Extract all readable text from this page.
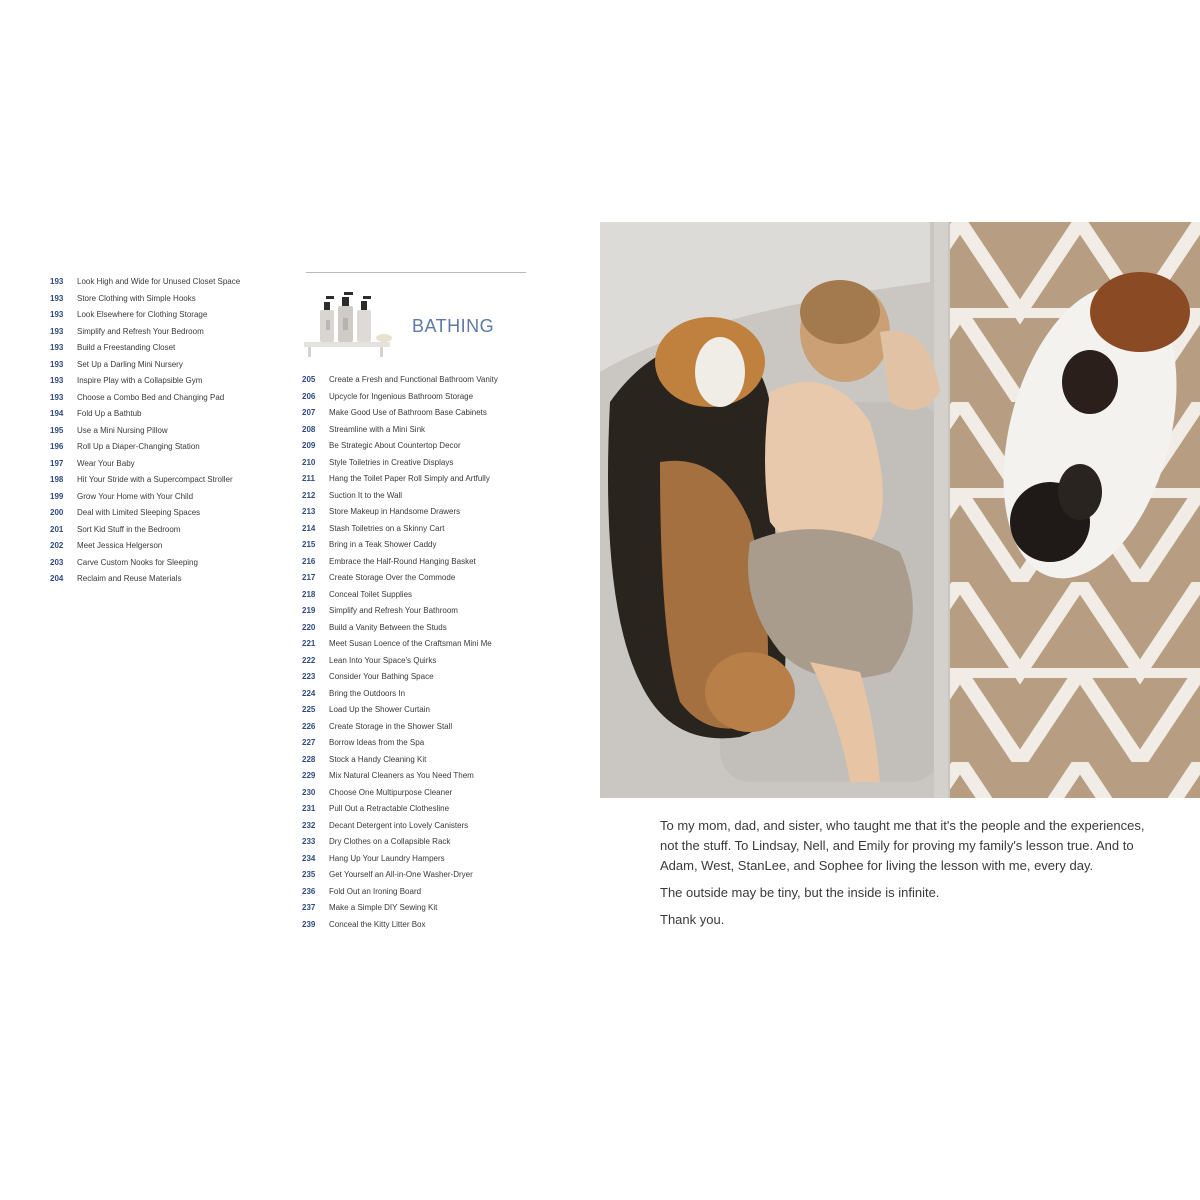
193	Look High and Wide for Unused Closet Space
193	Store Clothing with Simple Hooks
193	Look Elsewhere for Clothing Storage
193	Simplify and Refresh Your Bedroom
193	Build a Freestanding Closet
193	Set Up a Darling Mini Nursery
193	Inspire Play with a Collapsible Gym
193	Choose a Combo Bed and Changing Pad
194	Fold Up a Bathtub
195	Use a Mini Nursing Pillow
196	Roll Up a Diaper-Changing Station
197	Wear Your Baby
198	Hit Your Stride with a Supercompact Stroller
199	Grow Your Home with Your Child
200	Deal with Limited Sleeping Spaces
201	Sort Kid Stuff in the Bedroom
202	Meet Jessica Helgerson
203	Carve Custom Nooks for Sleeping
204	Reclaim and Reuse Materials
BATHING
205	Create a Fresh and Functional Bathroom Vanity
206	Upcycle for Ingenious Bathroom Storage
207	Make Good Use of Bathroom Base Cabinets
208	Streamline with a Mini Sink
209	Be Strategic About Countertop Decor
210	Style Toiletries in Creative Displays
211	Hang the Toilet Paper Roll Simply and Artfully
212	Suction It to the Wall
213	Store Makeup in Handsome Drawers
214	Stash Toiletries on a Skinny Cart
215	Bring in a Teak Shower Caddy
216	Embrace the Half-Round Hanging Basket
217	Create Storage Over the Commode
218	Conceal Toilet Supplies
219	Simplify and Refresh Your Bathroom
220	Build a Vanity Between the Studs
221	Meet Susan Loence of the Craftsman Mini Me
222	Lean Into Your Space's Quirks
223	Consider Your Bathing Space
224	Bring the Outdoors In
225	Load Up the Shower Curtain
226	Create Storage in the Shower Stall
227	Borrow Ideas from the Spa
228	Stock a Handy Cleaning Kit
229	Mix Natural Cleaners as You Need Them
230	Choose One Multipurpose Cleaner
231	Pull Out a Retractable Clothesline
232	Decant Detergent into Lovely Canisters
233	Dry Clothes on a Collapsible Rack
234	Hang Up Your Laundry Hampers
235	Get Yourself an All-in-One Washer-Dryer
236	Fold Out an Ironing Board
237	Make a Simple DIY Sewing Kit
239	Conceal the Kitty Litter Box

To my mom, dad, and sister, who taught me that it's the people and the experiences, not the stuff. To Lindsay, Nell, and Emily for proving my family's lesson true. And to Adam, West, StanLee, and Sophee for living the lesson with me, every day.

The outside may be tiny, but the inside is infinite.

Thank you.
